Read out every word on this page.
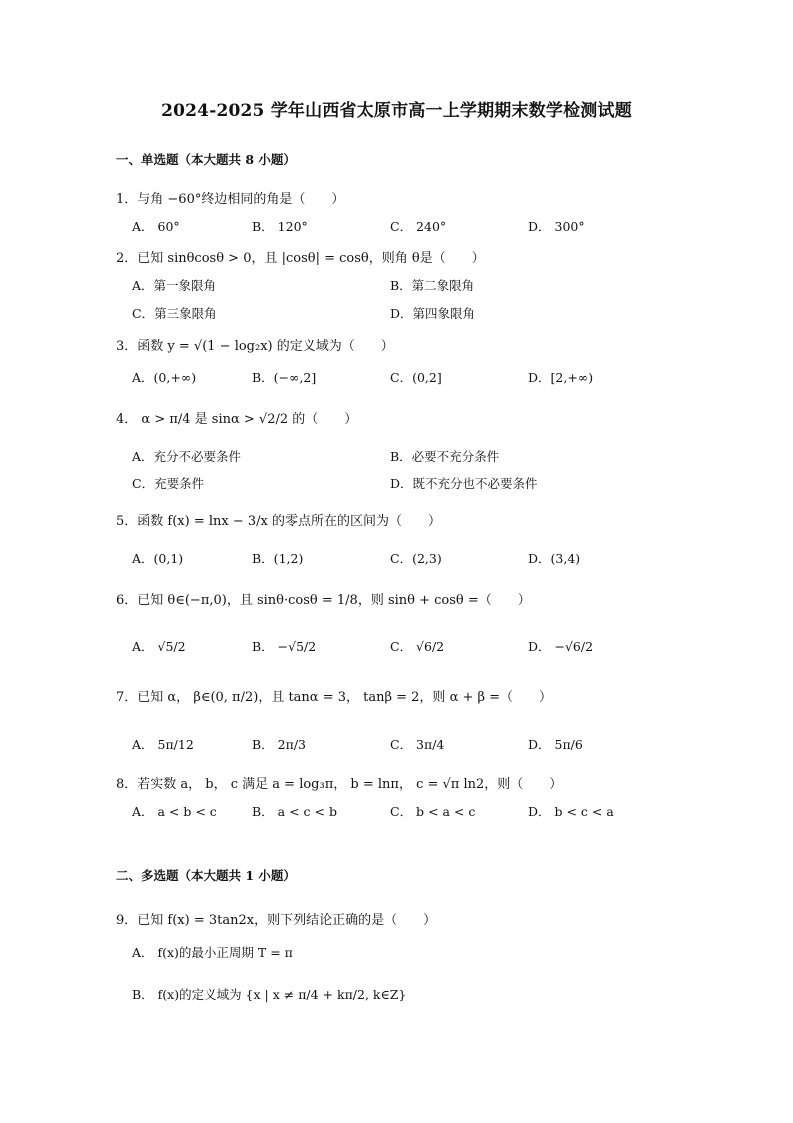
2024-2025 学年山西省太原市高一上学期期末数学检测试题
一、单选题（本大题共 8 小题）
1．与角 −60°终边相同的角是（　　）
A． 60°	B． 120°	C． 240°	D． 300°
2．已知 sinθcosθ > 0，且 |cosθ| = cosθ，则角 θ是（　　）
A．第一象限角	B．第二象限角
C．第三象限角	D．第四象限角
3．函数 y = √(1 − log₂x) 的定义域为（　　）
A．(0,+∞)	B．(−∞,2]	C．(0,2]	D．[2,+∞)
4． α > π/4 是 sinα > √2/2 的（　　）
A．充分不必要条件	B．必要不充分条件
C．充要条件	D．既不充分也不必要条件
5．函数 f(x) = lnx − 3/x 的零点所在的区间为（　　）
A．(0,1)	B．(1,2)	C．(2,3)	D．(3,4)
6．已知 θ∈(−π,0)，且 sinθ·cosθ = 1/8，则 sinθ + cosθ =（　　）
A． √5/2	B． −√5/2	C． √6/2	D． −√6/2
7．已知 α， β∈(0, π/2)，且 tanα = 3， tanβ = 2，则 α + β =（　　）
A． 5π/12	B． 2π/3	C． 3π/4	D． 5π/6
8．若实数 a， b， c 满足 a = log₃π， b = lnπ， c = √π ln2，则（　　）
A． a < b < c	B． a < c < b	C． b < a < c	D． b < c < a
二、多选题（本大题共 1 小题）
9．已知 f(x) = 3tan2x，则下列结论正确的是（　　）
A． f(x)的最小正周期 T = π
B． f(x)的定义域为 {x | x ≠ π/4 + kπ/2, k∈Z}
